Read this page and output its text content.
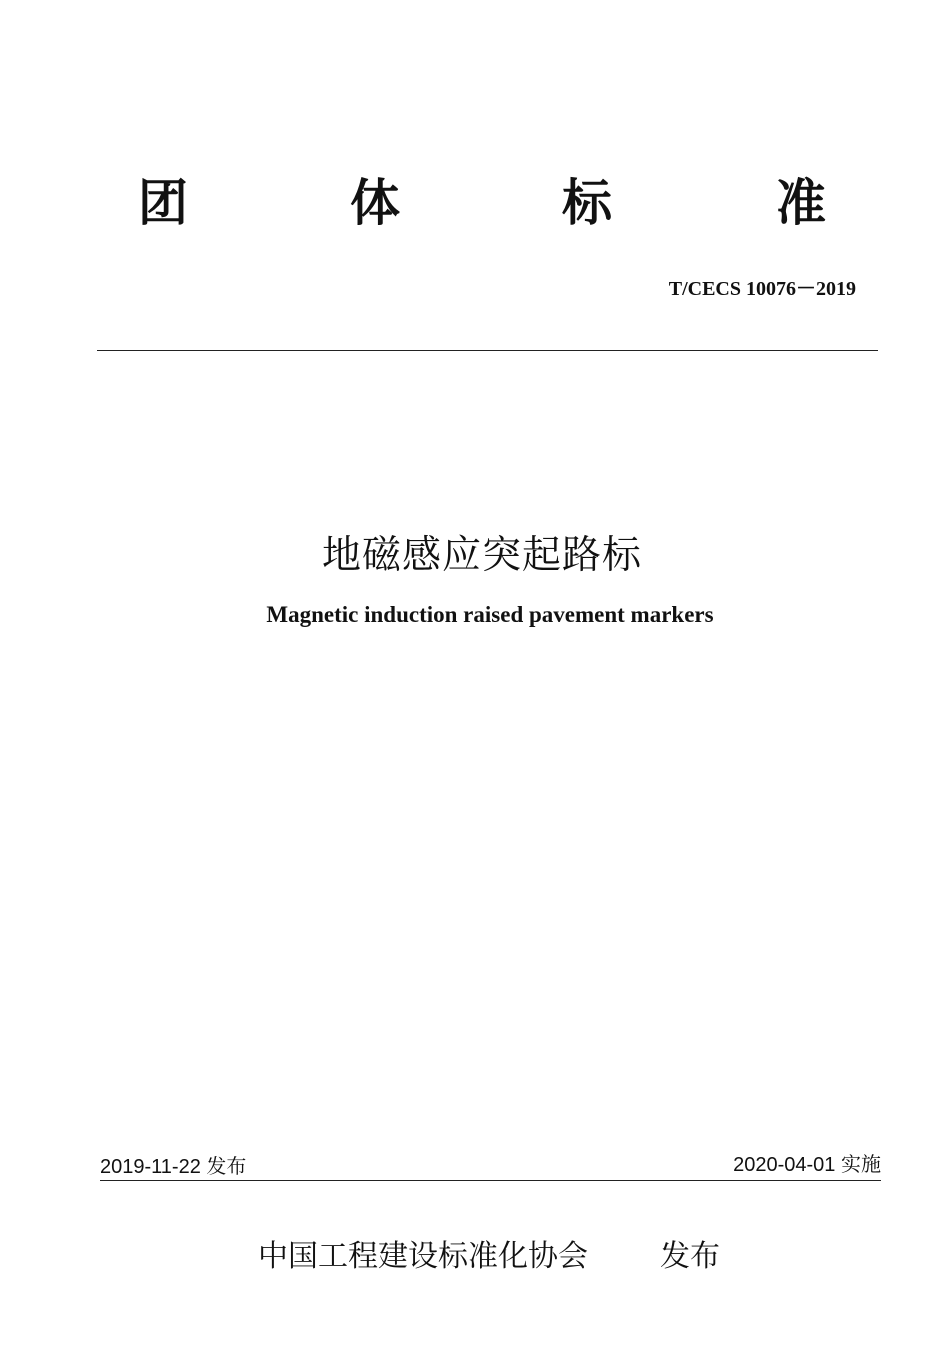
团	体	标	准
T/CECS 10076－2019
地磁感应突起路标
Magnetic induction raised pavement markers
2019-11-22 发布	2020-04-01 实施
中国工程建设标准化协会 发布
